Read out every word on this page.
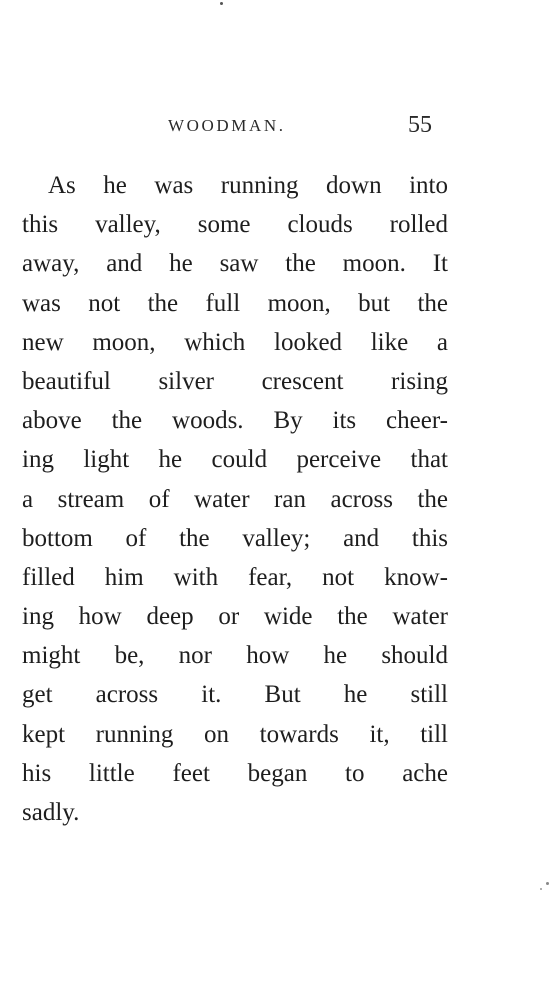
WOODMAN.	55
As he was running down into
this valley, some clouds rolled
away, and he saw the moon. It
was not the full moon, but the
new moon, which looked like a
beautiful silver crescent rising
above the woods. By its cheer-
ing light he could perceive that
a stream of water ran across the
bottom of the valley; and this
filled him with fear, not know-
ing how deep or wide the water
might be, nor how he should
get across it. But he still
kept running on towards it, till
his little feet began to ache
sadly.
